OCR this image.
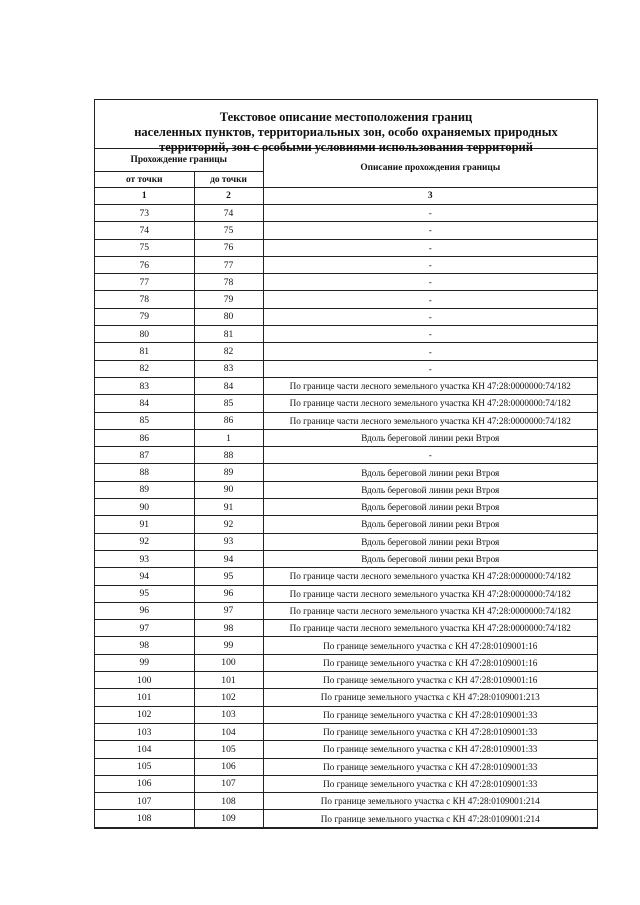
Текстовое описание местоположения границ
населенных пунктов, территориальных зон, особо охраняемых природных
территорий, зон с особыми условиями использования территорий
Прохождение границы		Описание прохождения границы
от точки	до точки	
1	2	3
73	74	-
74	75	-
75	76	-
76	77	-
77	78	-
78	79	-
79	80	-
80	81	-
81	82	-
82	83	-
83	84	По границе части лесного земельного участка КН 47:28:0000000:74/182
84	85	По границе части лесного земельного участка КН 47:28:0000000:74/182
85	86	По границе части лесного земельного участка КН 47:28:0000000:74/182
86	1	Вдоль береговой линии реки Втроя
87	88	-
88	89	Вдоль береговой линии реки Втроя
89	90	Вдоль береговой линии реки Втроя
90	91	Вдоль береговой линии реки Втроя
91	92	Вдоль береговой линии реки Втроя
92	93	Вдоль береговой линии реки Втроя
93	94	Вдоль береговой линии реки Втроя
94	95	По границе части лесного земельного участка КН 47:28:0000000:74/182
95	96	По границе части лесного земельного участка КН 47:28:0000000:74/182
96	97	По границе части лесного земельного участка КН 47:28:0000000:74/182
97	98	По границе части лесного земельного участка КН 47:28:0000000:74/182
98	99	По границе земельного участка с КН 47:28:0109001:16
99	100	По границе земельного участка с КН 47:28:0109001:16
100	101	По границе земельного участка с КН 47:28:0109001:16
101	102	По границе земельного участка с КН 47:28:0109001:213
102	103	По границе земельного участка с КН 47:28:0109001:33
103	104	По границе земельного участка с КН 47:28:0109001:33
104	105	По границе земельного участка с КН 47:28:0109001:33
105	106	По границе земельного участка с КН 47:28:0109001:33
106	107	По границе земельного участка с КН 47:28:0109001:33
107	108	По границе земельного участка с КН 47:28:0109001:214
108	109	По границе земельного участка с КН 47:28:0109001:214
